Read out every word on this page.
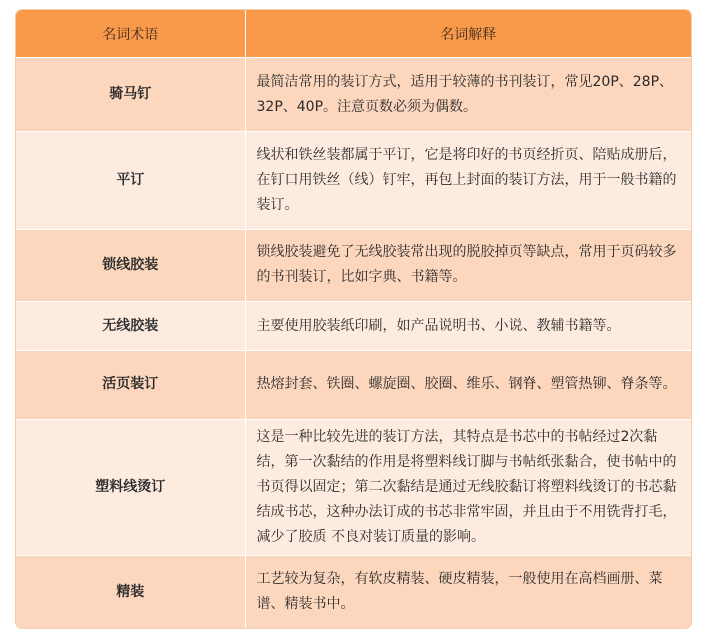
名词术语	名词解释
骑马钉	最简洁常用的装订方式，适用于较薄的书刊装订，常见20P、28P、32P、40P。注意页数必须为偶数。
平订	线状和铁丝装都属于平订，它是将印好的书页经折页、陪贴成册后，在钉口用铁丝（线）钉牢，再包上封面的装订方法，用于一般书籍的装订。
锁线胶装	锁线胶装避免了无线胶装常出现的脱胶掉页等缺点，常用于页码较多的书刊装订，比如字典、书籍等。
无线胶装	主要使用胶装纸印刷，如产品说明书、小说、教辅书籍等。
活页装订	热熔封套、铁圈、螺旋圈、胶圈、维乐、钢脊、塑管热铆、脊条等。
塑料线烫订	这是一种比较先进的装订方法，其特点是书芯中的书帖经过2次黏结，第一次黏结的作用是将塑料线订脚与书帖纸张黏合，使书帖中的书页得以固定；第二次黏结是通过无线胶黏订将塑料线烫订的书芯黏结成书芯，这种办法订成的书芯非常牢固，并且由于不用铣背打毛，减少了胶质 不良对装订质量的影响。
精装	工艺较为复杂，有软皮精装、硬皮精装，一般使用在高档画册、菜谱、精装书中。
